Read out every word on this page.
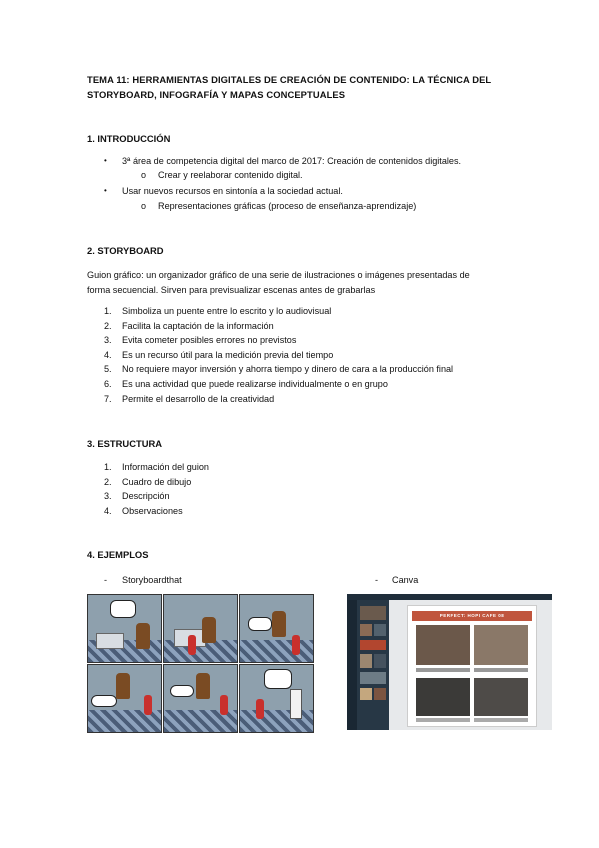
TEMA 11: HERRAMIENTAS DIGITALES DE CREACIÓN DE CONTENIDO: LA TÉCNICA DEL
STORYBOARD, INFOGRAFÍA Y MAPAS CONCEPTUALES
1. INTRODUCCIÓN
• 3ª área de competencia digital del marco de 2017: Creación de contenidos digitales.
o Crear y reelaborar contenido digital.
• Usar nuevos recursos en sintonía a la sociedad actual.
o Representaciones gráficas (proceso de enseñanza-aprendizaje)
2. STORYBOARD
Guion gráfico: un organizador gráfico de una serie de ilustraciones o imágenes presentadas de
forma secuencial. Sirven para previsualizar escenas antes de grabarlas
1. Simboliza un puente entre lo escrito y lo audiovisual
2. Facilita la captación de la información
3. Evita cometer posibles errores no previstos
4. Es un recurso útil para la medición previa del tiempo
5. No requiere mayor inversión y ahorra tiempo y dinero de cara a la producción final
6. Es una actividad que puede realizarse individualmente o en grupo
7. Permite el desarrollo de la creatividad
3. ESTRUCTURA
1. Información del guion
2. Cuadro de dibujo
3. Descripción
4. Observaciones
4. EJEMPLOS
- Storyboardthat	- Canva
PERFECT: HOPI CAFE 08
